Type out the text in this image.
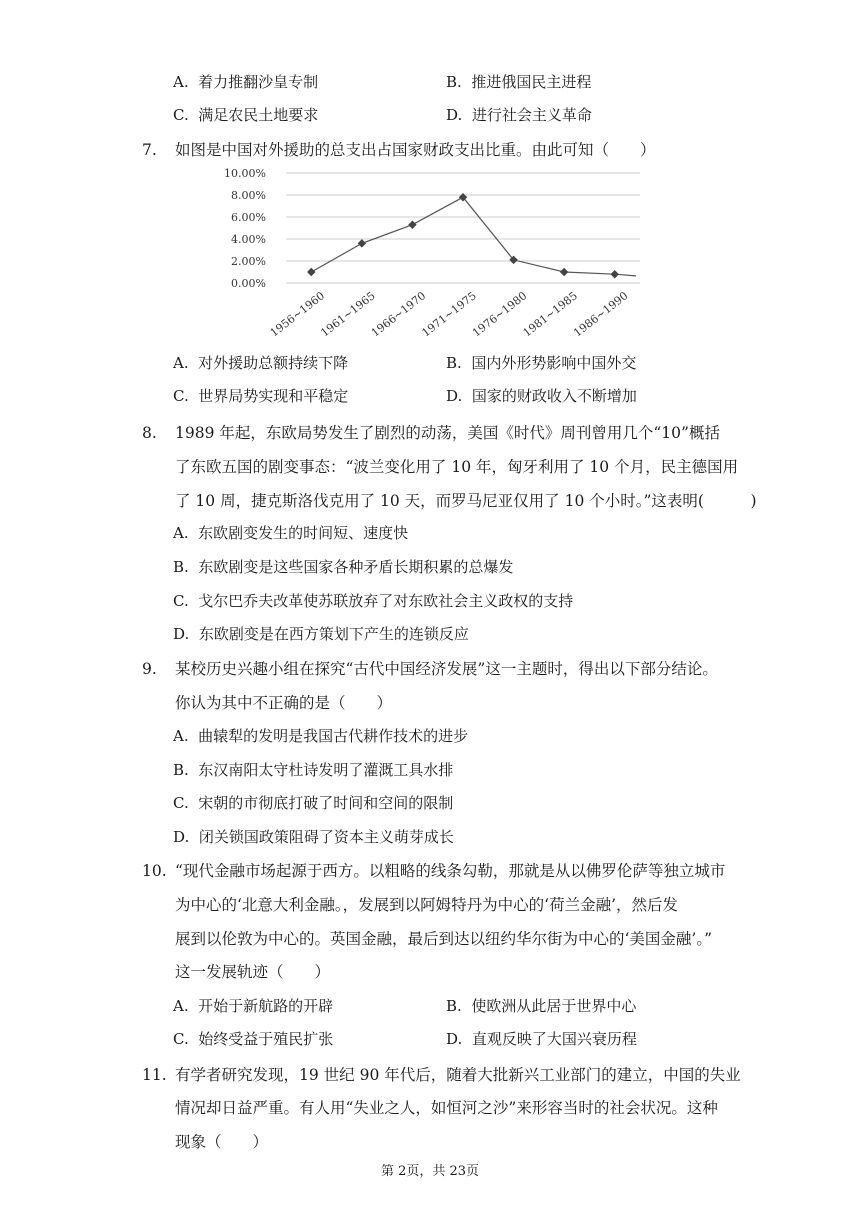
A. 着力推翻沙皇专制	B. 推进俄国民主进程
C. 满足农民土地要求	D. 进行社会主义革命
7. 如图是中国对外援助的总支出占国家财政支出比重。由此可知（　　）
0.00%
2.00%
4.00%
6.00%
8.00%
10.00%
1956~1960
1961~1965
1966~1970
1971~1975
1976~1980
1981~1985
1986~1990
A. 对外援助总额持续下降	B. 国内外形势影响中国外交
C. 世界局势实现和平稳定	D. 国家的财政收入不断增加
8. 1989 年起，东欧局势发生了剧烈的动荡，美国《时代》周刊曾用几个“10”概括
了东欧五国的剧变事态：“波兰变化用了 10 年，匈牙利用了 10 个月，民主德国用
了 10 周，捷克斯洛伐克用了 10 天，而罗马尼亚仅用了 10 个小时。”这表明(　　　)
A. 东欧剧变发生的时间短、速度快
B. 东欧剧变是这些国家各种矛盾长期积累的总爆发
C. 戈尔巴乔夫改革使苏联放弃了对东欧社会主义政权的支持
D. 东欧剧变是在西方策划下产生的连锁反应
9. 某校历史兴趣小组在探究“古代中国经济发展”这一主题时，得出以下部分结论。
你认为其中不正确的是（　　）
A. 曲辕犁的发明是我国古代耕作技术的进步
B. 东汉南阳太守杜诗发明了灌溉工具水排
C. 宋朝的市彻底打破了时间和空间的限制
D. 闭关锁国政策阻碍了资本主义萌芽成长
10. “现代金融市场起源于西方。以粗略的线条勾勒，那就是从以佛罗伦萨等独立城市
为中心的‘北意大利金融。，发展到以阿姆特丹为中心的‘荷兰金融’，然后发
展到以伦敦为中心的。英国金融，最后到达以纽约华尔街为中心的‘美国金融’。”
这一发展轨迹（　　）
A. 开始于新航路的开辟	B. 使欧洲从此居于世界中心
C. 始终受益于殖民扩张	D. 直观反映了大国兴衰历程
11. 有学者研究发现，19 世纪 90 年代后，随着大批新兴工业部门的建立，中国的失业
情况却日益严重。有人用“失业之人，如恒河之沙”来形容当时的社会状况。这种
现象（　　）
第 2页，共 23页
